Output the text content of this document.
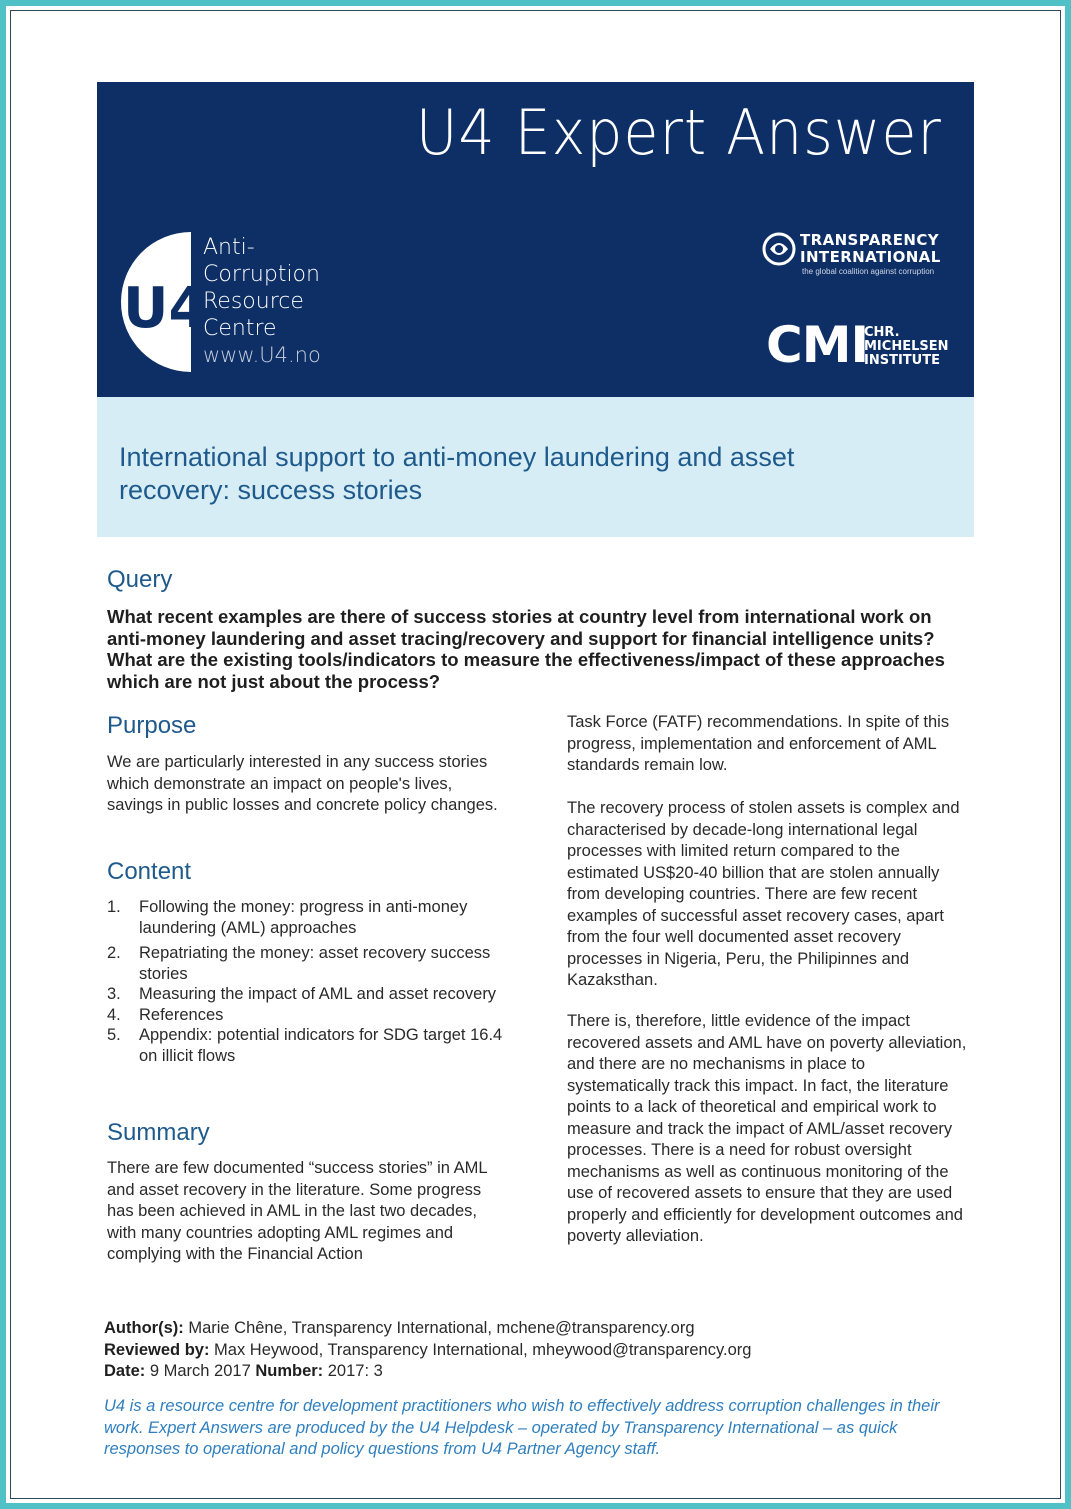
U4 Expert Answer
U4
Anti-
Corruption
Resource
Centre
www.U4.no
TRANSPARENCY
INTERNATIONAL
the global coalition against corruption
CMI
CHR.
MICHELSEN
INSTITUTE
International support to anti-money laundering and asset recovery: success stories
Query
What recent examples are there of success stories at country level from international work on anti-money laundering and asset tracing/recovery and support for financial intelligence units? What are the existing tools/indicators to measure the effectiveness/impact of these approaches which are not just about the process?
Purpose
We are particularly interested in any success stories which demonstrate an impact on people's lives, savings in public losses and concrete policy changes.
Content
1. Following the money: progress in anti-money laundering (AML) approaches
2. Repatriating the money: asset recovery success stories
3. Measuring the impact of AML and asset recovery
4. References
5. Appendix: potential indicators for SDG target 16.4 on illicit flows
Summary
There are few documented “success stories” in AML and asset recovery in the literature. Some progress has been achieved in AML in the last two decades, with many countries adopting AML regimes and complying with the Financial Action
Task Force (FATF) recommendations. In spite of this progress, implementation and enforcement of AML standards remain low.
The recovery process of stolen assets is complex and characterised by decade-long international legal processes with limited return compared to the estimated US$20-40 billion that are stolen annually from developing countries. There are few recent examples of successful asset recovery cases, apart from the four well documented asset recovery processes in Nigeria, Peru, the Philipinnes and Kazaksthan.
There is, therefore, little evidence of the impact recovered assets and AML have on poverty alleviation, and there are no mechanisms in place to systematically track this impact. In fact, the literature points to a lack of theoretical and empirical work to measure and track the impact of AML/asset recovery processes. There is a need for robust oversight mechanisms as well as continuous monitoring of the use of recovered assets to ensure that they are used properly and efficiently for development outcomes and poverty alleviation.
Author(s): Marie Chêne, Transparency International, mchene@transparency.org
Reviewed by: Max Heywood, Transparency International, mheywood@transparency.org
Date: 9 March 2017 Number: 2017: 3
U4 is a resource centre for development practitioners who wish to effectively address corruption challenges in their work. Expert Answers are produced by the U4 Helpdesk – operated by Transparency International – as quick responses to operational and policy questions from U4 Partner Agency staff.
